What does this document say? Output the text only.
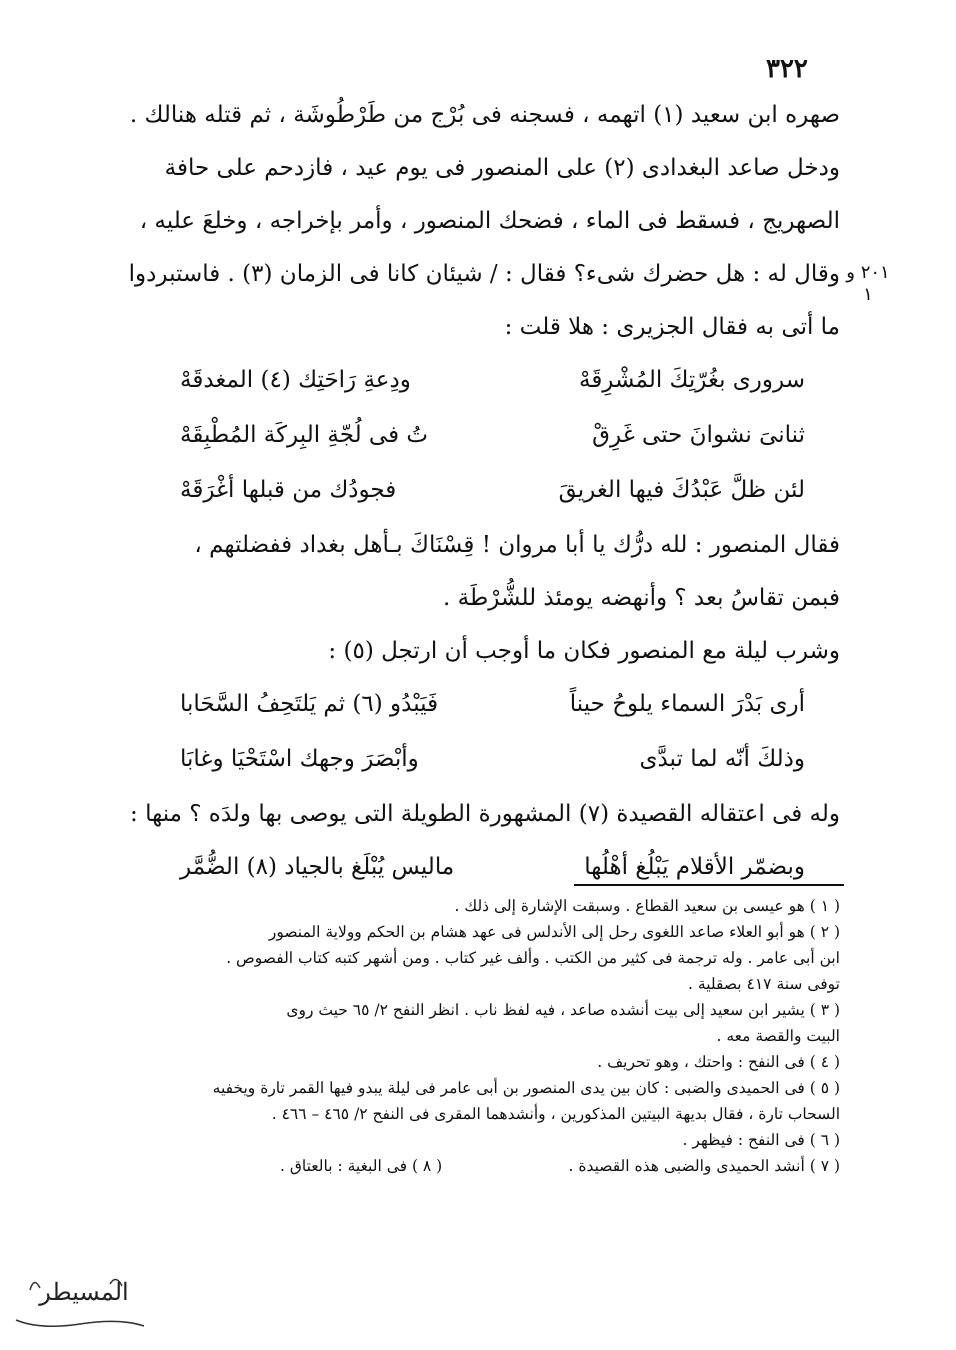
٣٢٢
٢٠١ و
١
صهره ابن سعيد (١) اتهمه ، فسجنه فى بُرْج من طَرْطُوشَة ، ثم قتله هنالك .
ودخل صاعد البغدادى (٢) على المنصور فى يوم عيد ، فازدحم على حافة
الصهريج ، فسقط فى الماء ، فضحك المنصور ، وأمر بإخراجه ، وخلعَ عليه ،
وقال له : هل حضرك شىء؟ فقال : / شيئان كانا فى الزمان (٣) . فاستبردوا
ما أتى به فقال الجزيرى : هلا قلت :
سرورى بغُرّتِكَ المُشْرِقَهْ
ودِعةِ رَاحَتِك (٤) المغدقَهْ
ثنانىَ نشوانَ حتى غَرِقْ
تُ فى لُجّةِ البِركَة المُطْبِقَهْ
لئن ظلَّ عَبْدُكَ فيها الغريقَ
فجودُك من قبلها أغْرَقَهْ
فقال المنصور : لله درُّك يا أبا مروان ! قِسْنَاكَ بـأهل بغداد ففضلتهم ،
فبمن تقاسُ بعد ؟ وأنهضه يومئذ للشُّرْطَة .
وشرب ليلة مع المنصور فكان ما أوجب أن ارتجل (٥) :
أرى بَدْرَ السماء يلوحُ حيناً
فَيَبْدُو (٦) ثم يَلتَحِفُ السَّحَابا
وذلكَ أنّه لما تبدَّى
وأبْصَرَ وجهك اسْتَحْيَا وغابَا
وله فى اعتقاله القصيدة (٧) المشهورة الطويلة التى يوصى بها ولدَه ؟ منها :
وبضمّر الأقلام يَبْلُغ أهْلُها
ماليس يُبْلَغ بالجياد (٨) الضُّمَّر
( ١ ) هو عيسى بن سعيد القطاع . وسبقت الإشارة إلى ذلك .
( ٢ ) هو أبو العلاء صاعد اللغوى رحل إلى الأندلس فى عهد هشام بن الحكم وولاية المنصور
ابن أبى عامر . وله ترجمة فى كثير من الكتب . وألف غير كتاب . ومن أشهر كتبه كتاب الفصوص .
توفى سنة ٤١٧ بصقلية .
( ٣ ) يشير ابن سعيد إلى بيت أنشده صاعد ، فيه لفظ ناب . انظر النفح ٢/ ٦٥ حيث روى
البيت والقصة معه .
( ٤ ) فى النفح : واحتك ، وهو تحريف .
( ٥ ) فى الحميدى والضبى : كان بين يدى المنصور بن أبى عامر فى ليلة يبدو فيها القمر تارة ويخفيه
السحاب تارة ، فقال بديهة البيتين المذكورين ، وأنشدهما المقرى فى النفح ٢/ ٤٦٥ – ٤٦٦ .
( ٦ ) فى النفح : فيظهر .
( ٧ ) أنشد الحميدى والضبى هذه القصيدة .
( ٨ ) فى البغية : بالعتاق .
المسيطر
